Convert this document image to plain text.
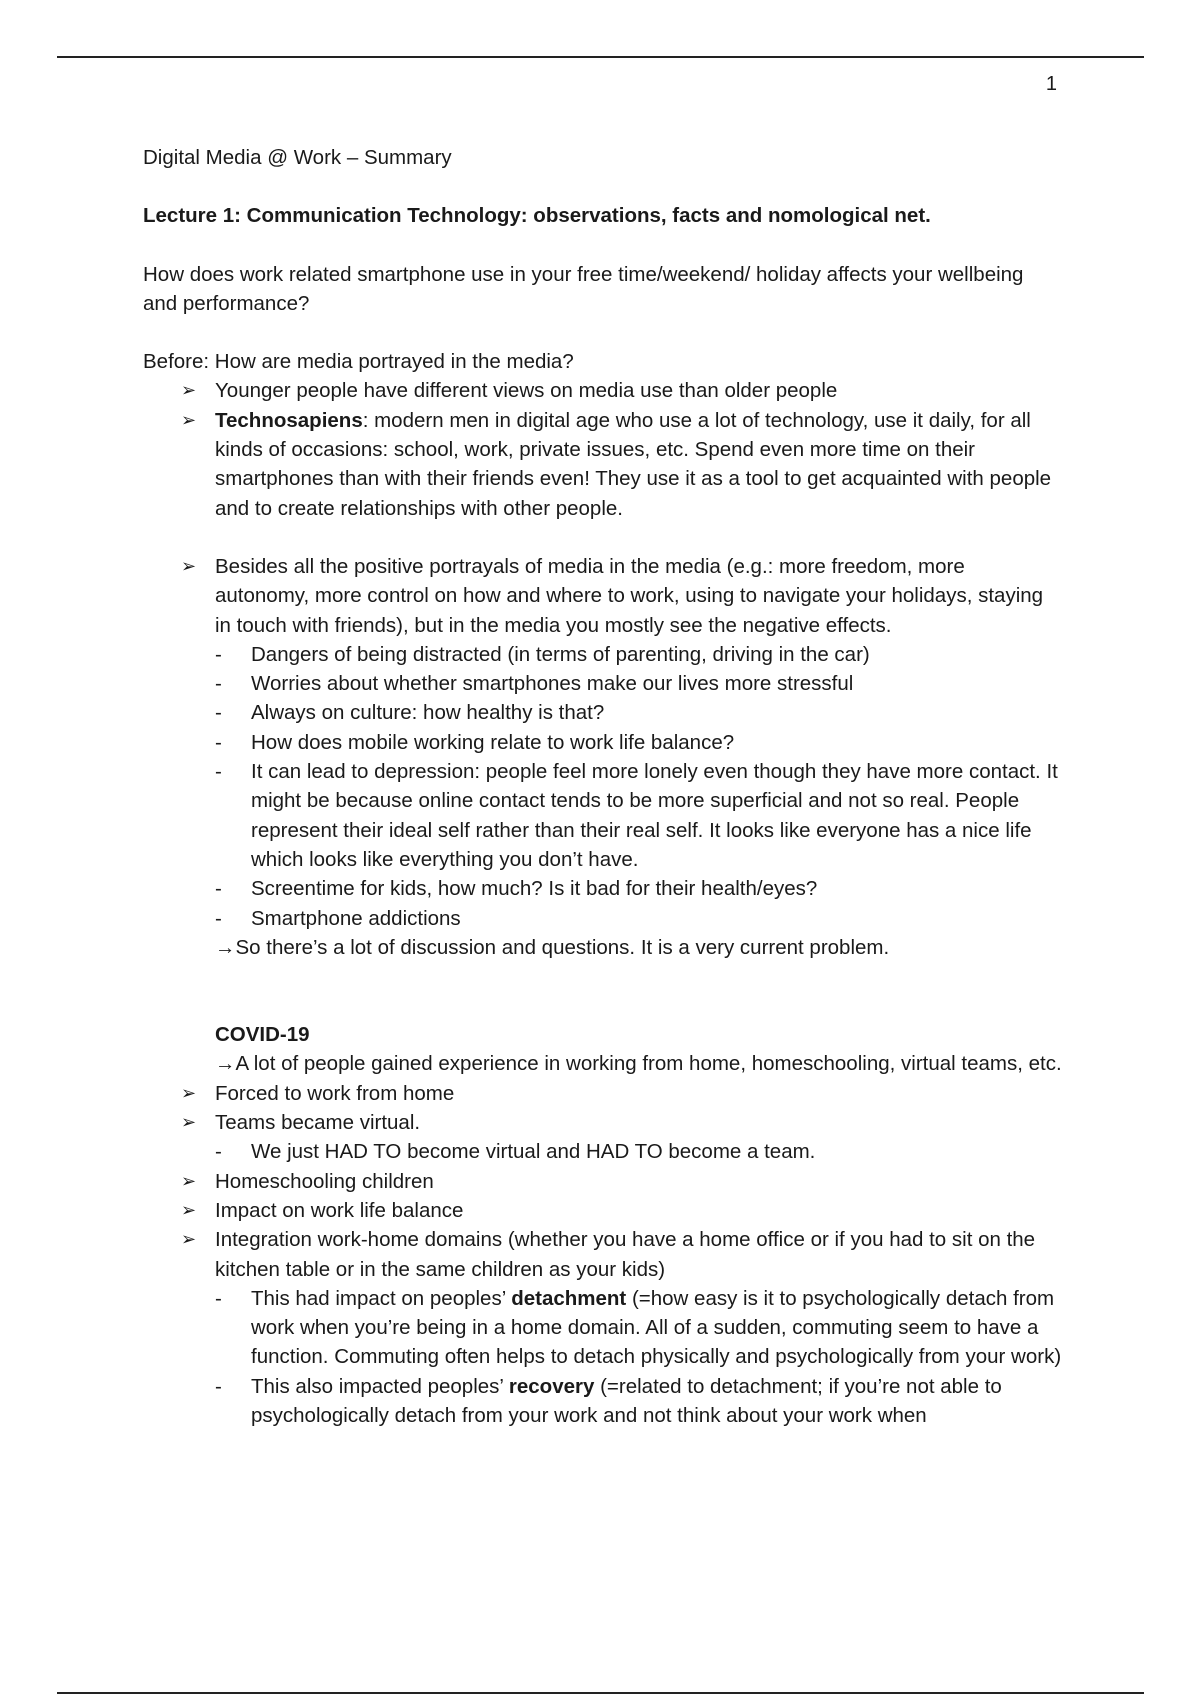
1

Digital Media @ Work – Summary

Lecture 1: Communication Technology: observations, facts and nomological net.

How does work related smartphone use in your free time/weekend/ holiday affects your wellbeing and performance?

Before: How are media portrayed in the media?

➢ Younger people have different views on media use than older people
➢ Technosapiens: modern men in digital age who use a lot of technology, use it daily, for all kinds of occasions: school, work, private issues, etc. Spend even more time on their smartphones than with their friends even! They use it as a tool to get acquainted with people and to create relationships with other people.
➢ Besides all the positive portrayals of media in the media (e.g.: more freedom, more autonomy, more control on how and where to work, using to navigate your holidays, staying in touch with friends), but in the media you mostly see the negative effects.
- Dangers of being distracted (in terms of parenting, driving in the car)
- Worries about whether smartphones make our lives more stressful
- Always on culture: how healthy is that?
- How does mobile working relate to work life balance?
- It can lead to depression: people feel more lonely even though they have more contact. It might be because online contact tends to be more superficial and not so real. People represent their ideal self rather than their real self. It looks like everyone has a nice life which looks like everything you don’t have.
- Screentime for kids, how much? Is it bad for their health/eyes?
- Smartphone addictions

→So there’s a lot of discussion and questions. It is a very current problem.

COVID-19

→A lot of people gained experience in working from home, homeschooling, virtual teams, etc.

➢ Forced to work from home
➢ Teams became virtual.
- We just HAD TO become virtual and HAD TO become a team.
➢ Homeschooling children
➢ Impact on work life balance
➢ Integration work-home domains (whether you have a home office or if you had to sit on the kitchen table or in the same children as your kids)
- This had impact on peoples’ detachment (=how easy is it to psychologically detach from work when you’re being in a home domain. All of a sudden, commuting seem to have a function. Commuting often helps to detach physically and psychologically from your work)
- This also impacted peoples’ recovery (=related to detachment; if you’re not able to psychologically detach from your work and not think about your work when
